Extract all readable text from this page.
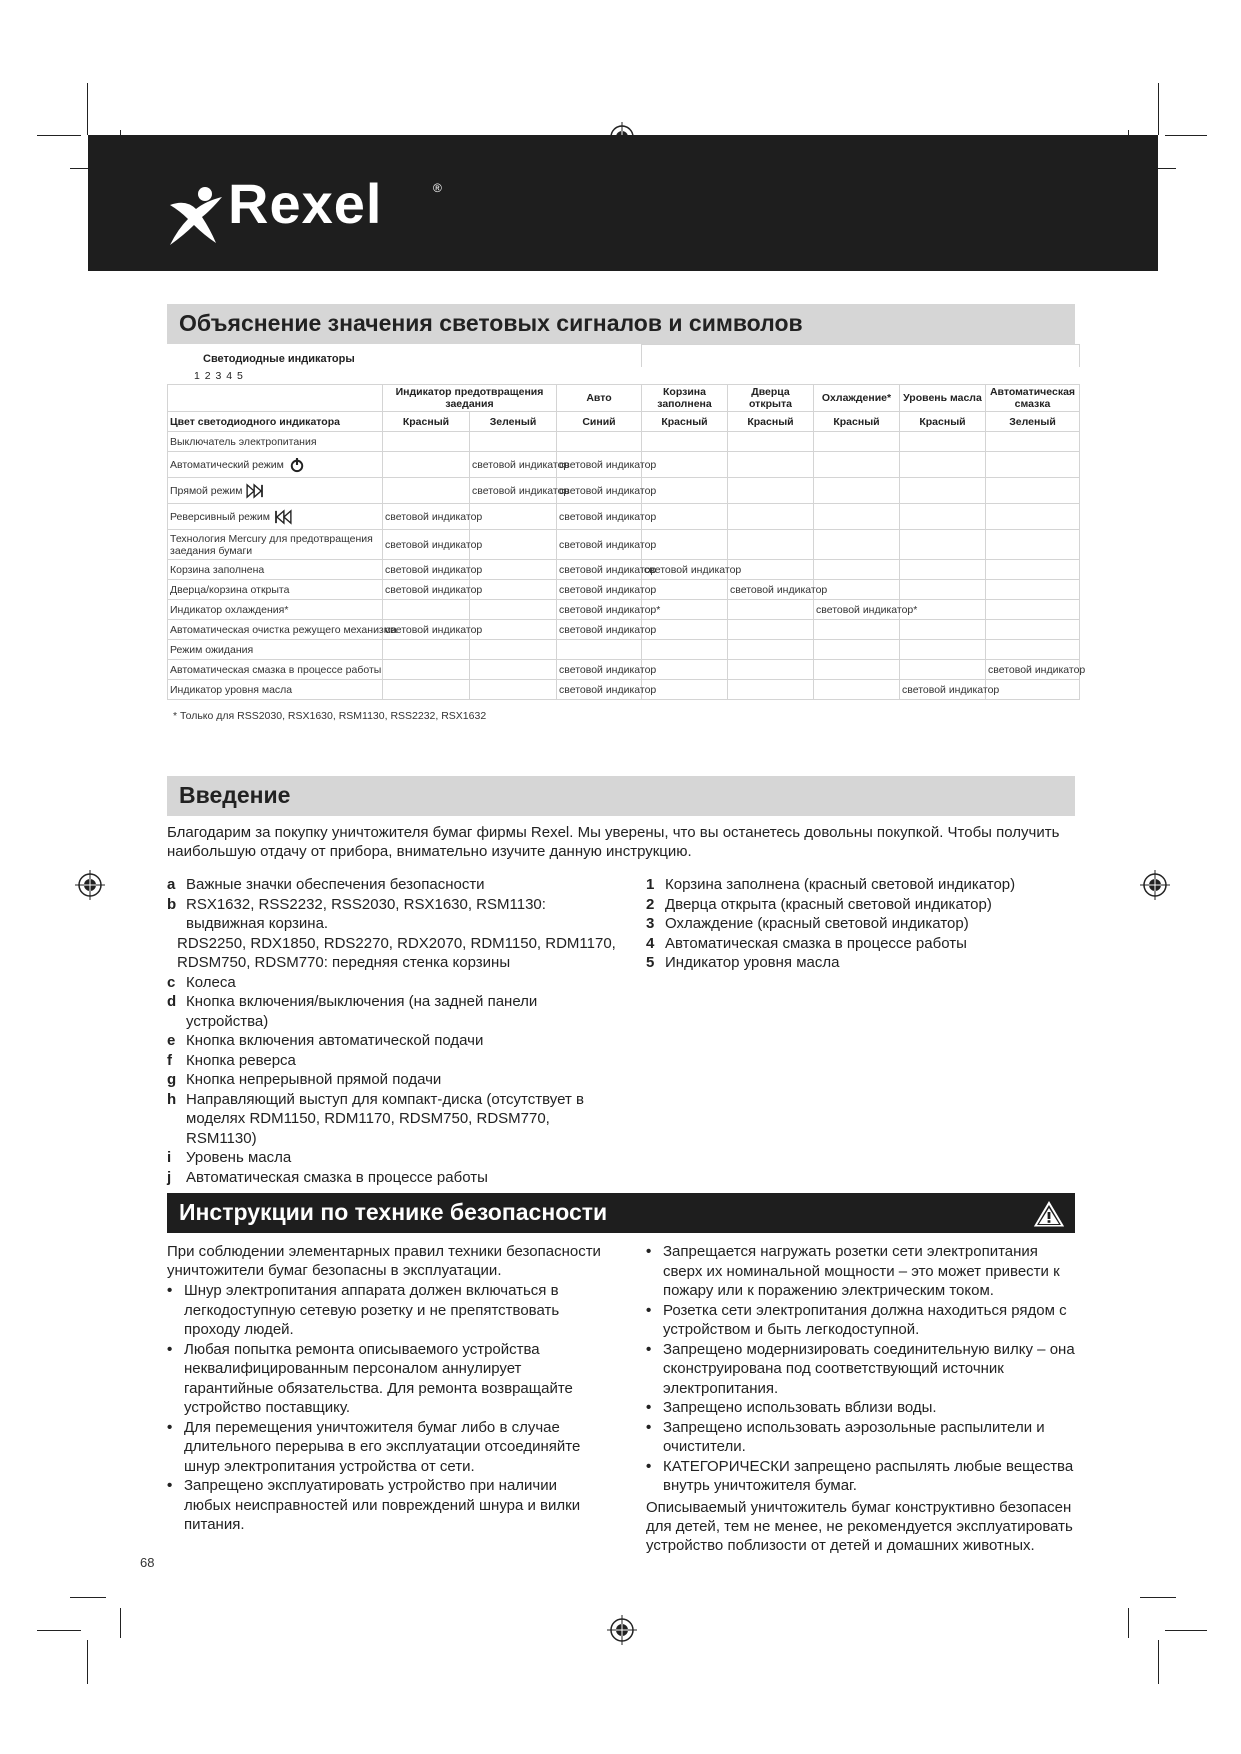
Rexel	®
Объяснение значения световых сигналов и символов
Светодиодные индикаторы
1 2 3 4 5
	Индикатор предотвращения заедания		Авто	Корзина заполнена	Дверца открыта	Охлаждение*	Уровень масла	Автоматическая смазка
Цвет светодиодного индикатора	Красный	Зеленый	Синий	Красный	Красный	Красный	Красный	Зеленый
Выключатель электропитания								
Автоматический режим		световой индикатор	световой индикатор					
Прямой режим		световой индикатор	световой индикатор					
Реверсивный режим	световой индикатор		световой индикатор					
Технология Mercury для предотвращения заедания бумаги	световой индикатор		световой индикатор					
Корзина заполнена	световой индикатор		световой индикатор	световой индикатор				
Дверца/корзина открыта	световой индикатор		световой индикатор		световой индикатор			
Индикатор охлаждения*			световой индикатор*			световой индикатор*		
Автоматическая очистка режущего механизма	световой индикатор		световой индикатор					
Режим ожидания								
Автоматическая смазка в процессе работы			световой индикатор					световой индикатор
Индикатор уровня масла			световой индикатор				световой индикатор	
Введение
Благодарим за покупку уничтожителя бумаг фирмы Rexel. Мы уверены, что вы останетесь довольны покупкой. Чтобы получить наибольшую отдачу от прибора, внимательно изучите данную инструкцию.
a Важные значки обеспечения безопасности
b RSX1632, RSS2232, RSS2030, RSX1630, RSM1130: выдвижная корзина.
RDS2250, RDX1850, RDS2270, RDX2070, RDM1150, RDM1170, RDSM750, RDSM770: передняя стенка корзины
c Колеса
d Кнопка включения/выключения (на задней панели устройства)
e Кнопка включения автоматической подачи
f Кнопка реверса
g Кнопка непрерывной прямой подачи
h Направляющий выступ для компакт-диска (отсутствует в моделях RDM1150, RDM1170, RDSM750, RDSM770, RSM1130)
i Уровень масла
j Автоматическая смазка в процессе работы
1 Корзина заполнена (красный световой индикатор)
2 Дверца открыта (красный световой индикатор)
3 Охлаждение (красный световой индикатор)
4 Автоматическая смазка в процессе работы
5 Индикатор уровня масла
Инструкции по технике безопасности
При соблюдении элементарных правил техники безопасности уничтожители бумаг безопасны в эксплуатации.
• Шнур электропитания аппарата должен включаться в легкодоступную сетевую розетку и не препятствовать проходу людей.
• Любая попытка ремонта описываемого устройства неквалифицированным персоналом аннулирует гарантийные обязательства. Для ремонта возвращайте устройство поставщику.
• Для перемещения уничтожителя бумаг либо в случае длительного перерыва в его эксплуатации отсоединяйте шнур электропитания устройства от сети.
• Запрещено эксплуатировать устройство при наличии любых неисправностей или повреждений шнура и вилки питания.
• Запрещается нагружать розетки сети электропитания сверх их номинальной мощности – это может привести к пожару или к поражению электрическим током.
• Розетка сети электропитания должна находиться рядом с устройством и быть легкодоступной.
• Запрещено модернизировать соединительную вилку – она сконструирована под соответствующий источник электропитания.
• Запрещено использовать вблизи воды.
• Запрещено использовать аэрозольные распылители и очистители.
• КАТЕГОРИЧЕСКИ запрещено распылять любые вещества внутрь уничтожителя бумаг.
Описываемый уничтожитель бумаг конструктивно безопасен для детей, тем не менее, не рекомендуется эксплуатировать устройство поблизости от детей и домашних животных.
68
* Только для RSS2030, RSX1630, RSM1130, RSS2232, RSX1632
